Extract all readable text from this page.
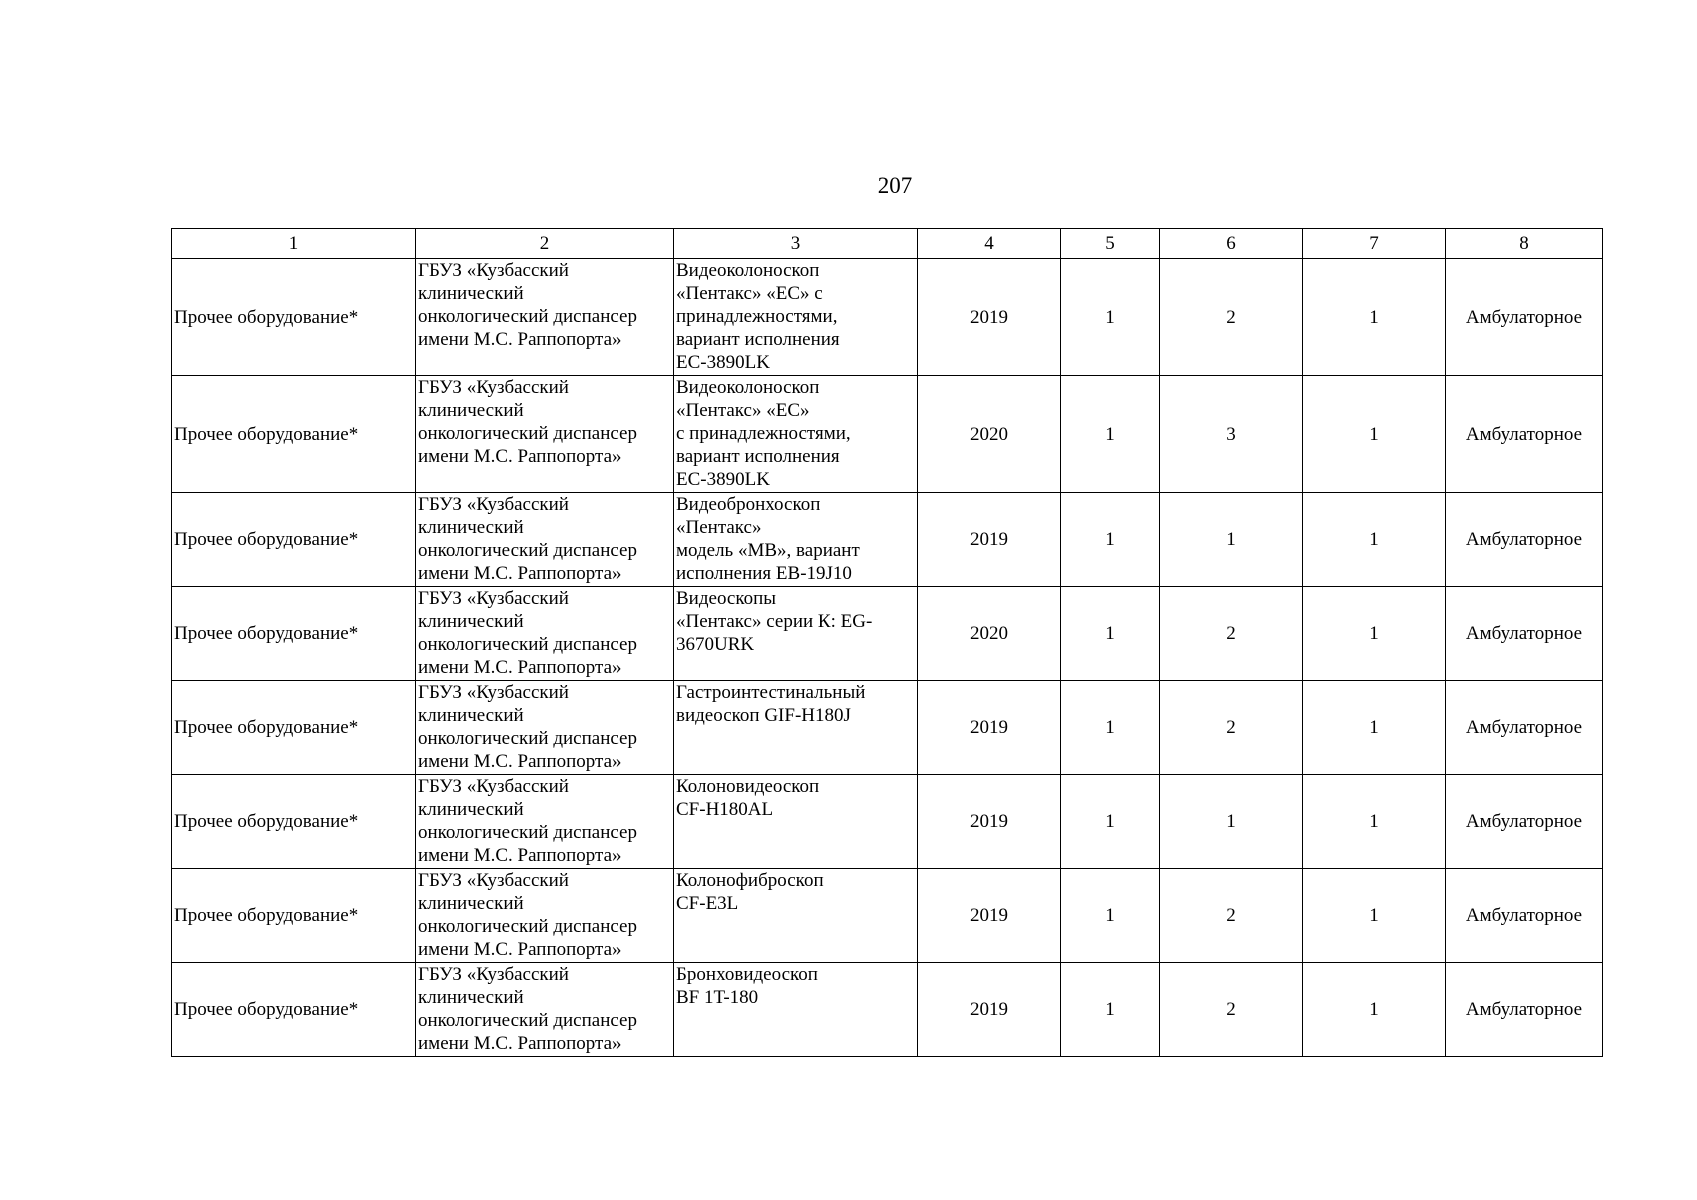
207
1	2	3	4	5	6	7	8
Прочее оборудование*	ГБУЗ «Кузбасский
клинический
онкологический диспансер
имени М.С. Раппопорта»	Видеоколоноскоп
«Пентакс» «ЕС» с
принадлежностями,
вариант исполнения
ЕС-3890LK	2019	1	2	1	Амбулаторное
Прочее оборудование*	ГБУЗ «Кузбасский
клинический
онкологический диспансер
имени М.С. Раппопорта»	Видеоколоноскоп
«Пентакс» «ЕС»
с принадлежностями,
вариант исполнения
ЕС-3890LK	2020	1	3	1	Амбулаторное
Прочее оборудование*	ГБУЗ «Кузбасский
клинический
онкологический диспансер
имени М.С. Раппопорта»	Видеобронхоскоп
«Пентакс»
модель «МВ», вариант
исполнения EB-19J10	2019	1	1	1	Амбулаторное
Прочее оборудование*	ГБУЗ «Кузбасский
клинический
онкологический диспансер
имени М.С. Раппопорта»	Видеоскопы
«Пентакс» серии К: EG-
3670URK	2020	1	2	1	Амбулаторное
Прочее оборудование*	ГБУЗ «Кузбасский
клинический
онкологический диспансер
имени М.С. Раппопорта»	Гастроинтестинальный
видеоскоп GIF-H180J	2019	1	2	1	Амбулаторное
Прочее оборудование*	ГБУЗ «Кузбасский
клинический
онкологический диспансер
имени М.С. Раппопорта»	Колоновидеоскоп
CF-H180AL	2019	1	1	1	Амбулаторное
Прочее оборудование*	ГБУЗ «Кузбасский
клинический
онкологический диспансер
имени М.С. Раппопорта»	Колонофиброскоп
CF-E3L	2019	1	2	1	Амбулаторное
Прочее оборудование*	ГБУЗ «Кузбасский
клинический
онкологический диспансер
имени М.С. Раппопорта»	Бронховидеоскоп
BF 1T-180	2019	1	2	1	Амбулаторное
